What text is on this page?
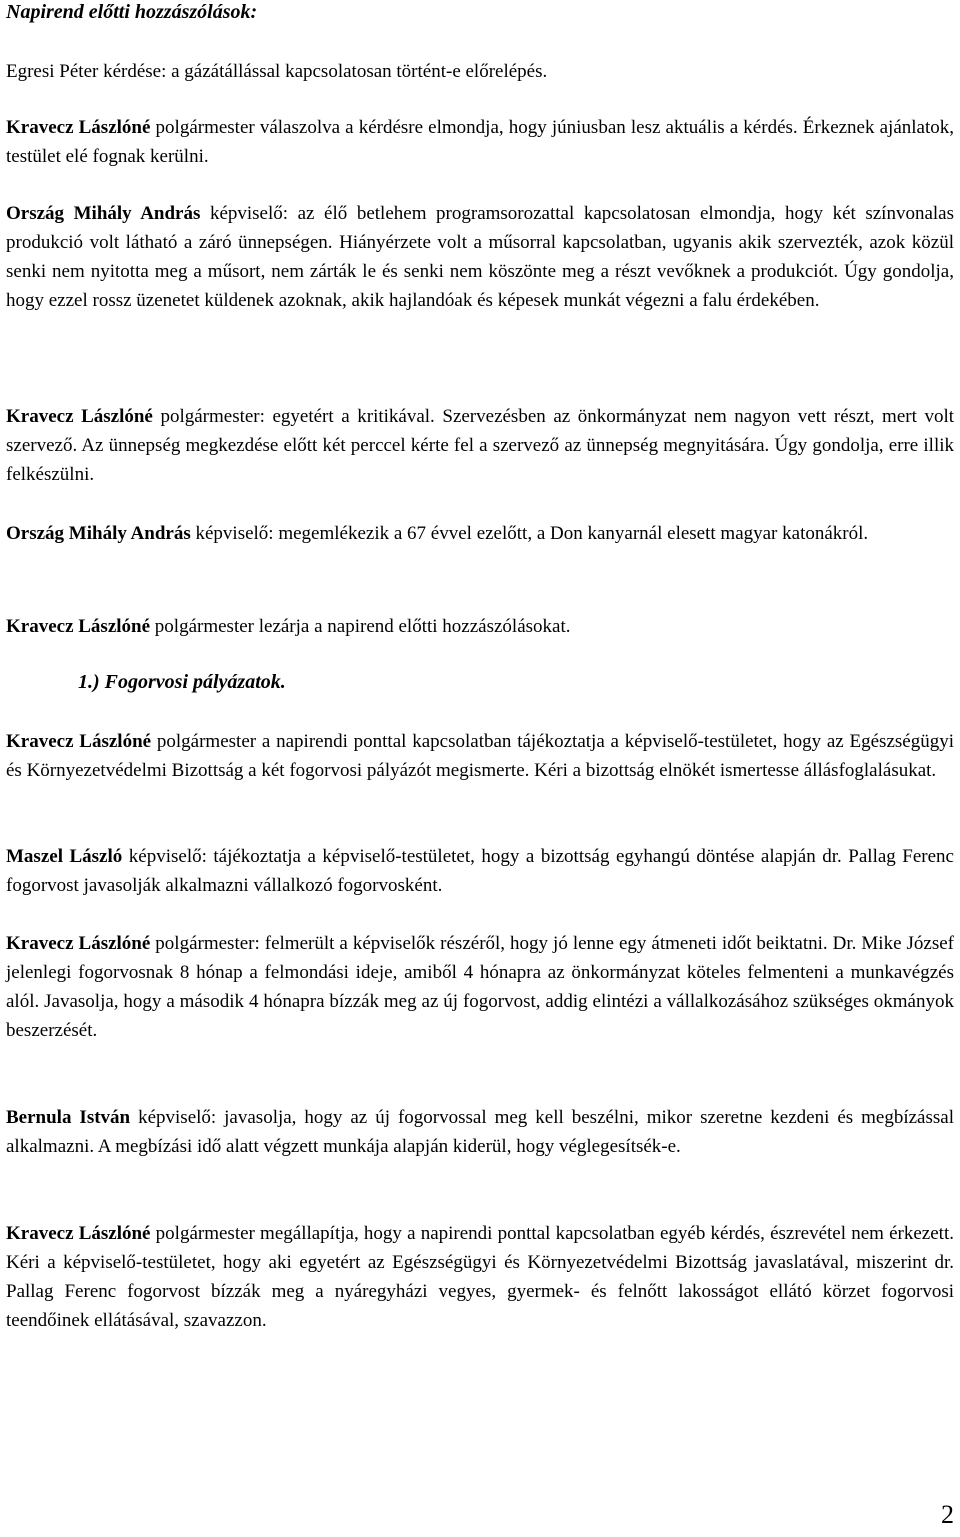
Napirend előtti hozzászólások:

Egresi Péter kérdése: a gázátállással kapcsolatosan történt-e előrelépés.

Kravecz Lászlóné polgármester válaszolva a kérdésre elmondja, hogy júniusban lesz aktuális a kérdés. Érkeznek ajánlatok, testület elé fognak kerülni.

Ország Mihály András képviselő: az élő betlehem programsorozattal kapcsolatosan elmondja, hogy két színvonalas produkció volt látható a záró ünnepségen. Hiányérzete volt a műsorral kapcsolatban, ugyanis akik szervezték, azok közül senki nem nyitotta meg a műsort, nem zárták le és senki nem köszönte meg a részt vevőknek a produkciót. Úgy gondolja, hogy ezzel rossz üzenetet küldenek azoknak, akik hajlandóak és képesek munkát végezni a falu érdekében.

Kravecz Lászlóné polgármester: egyetért a kritikával. Szervezésben az önkormányzat nem nagyon vett részt, mert volt szervező. Az ünnepség megkezdése előtt két perccel kérte fel a szervező az ünnepség megnyitására. Úgy gondolja, erre illik felkészülni.

Ország Mihály András képviselő: megemlékezik a 67 évvel ezelőtt, a Don kanyarnál elesett magyar katonákról.

Kravecz Lászlóné polgármester lezárja a napirend előtti hozzászólásokat.

1.) Fogorvosi pályázatok.

Kravecz Lászlóné polgármester a napirendi ponttal kapcsolatban tájékoztatja a képviselő-testületet, hogy az Egészségügyi és Környezetvédelmi Bizottság a két fogorvosi pályázót megismerte. Kéri a bizottság elnökét ismertesse állásfoglalásukat.

Maszel László képviselő: tájékoztatja a képviselő-testületet, hogy a bizottság egyhangú döntése alapján dr. Pallag Ferenc fogorvost javasolják alkalmazni vállalkozó fogorvosként.

Kravecz Lászlóné polgármester: felmerült a képviselők részéről, hogy jó lenne egy átmeneti időt beiktatni. Dr. Mike József jelenlegi fogorvosnak 8 hónap a felmondási ideje, amiből 4 hónapra az önkormányzat köteles felmenteni a munkavégzés alól. Javasolja, hogy a második 4 hónapra bízzák meg az új fogorvost, addig elintézi a vállalkozásához szükséges okmányok beszerzését.

Bernula István képviselő: javasolja, hogy az új fogorvossal meg kell beszélni, mikor szeretne kezdeni és megbízással alkalmazni. A megbízási idő alatt végzett munkája alapján kiderül, hogy véglegesítsék-e.

Kravecz Lászlóné polgármester megállapítja, hogy a napirendi ponttal kapcsolatban egyéb kérdés, észrevétel nem érkezett. Kéri a képviselő-testületet, hogy aki egyetért az Egészségügyi és Környezetvédelmi Bizottság javaslatával, miszerint dr. Pallag Ferenc fogorvost bízzák meg a nyáregyházi vegyes, gyermek- és felnőtt lakosságot ellátó körzet fogorvosi teendőinek ellátásával, szavazzon.

2
